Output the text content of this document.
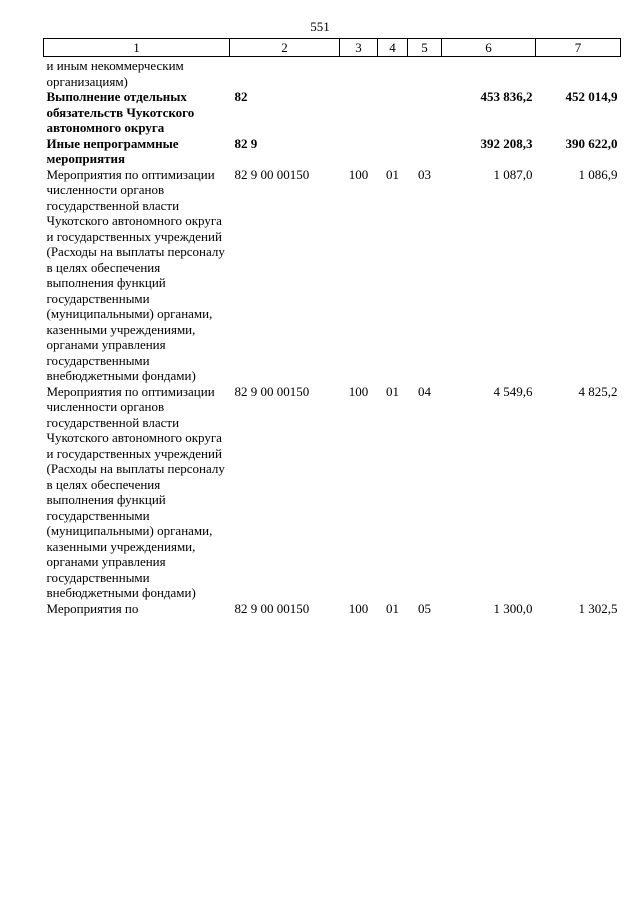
551
1	2	3	4	5	6	7
и иным некоммерческим организациям)						
Выполнение отдельных обязательств Чукотского автономного округа	82				453 836,2	452 014,9
Иные непрограммные мероприятия	82 9				392 208,3	390 622,0
Мероприятия по оптимизации численности органов государственной власти Чукотского автономного округа и государственных учреждений (Расходы на выплаты персоналу в целях обеспечения выполнения функций государственными (муниципальными) органами, казенными учреждениями, органами управления государственными внебюджетными фондами)	82 9 00 00150	100	01	03	1 087,0	1 086,9
Мероприятия по оптимизации численности органов государственной власти Чукотского автономного округа и государственных учреждений (Расходы на выплаты персоналу в целях обеспечения выполнения функций государственными (муниципальными) органами, казенными учреждениями, органами управления государственными внебюджетными фондами)	82 9 00 00150	100	01	04	4 549,6	4 825,2
Мероприятия по	82 9 00 00150	100	01	05	1 300,0	1 302,5
